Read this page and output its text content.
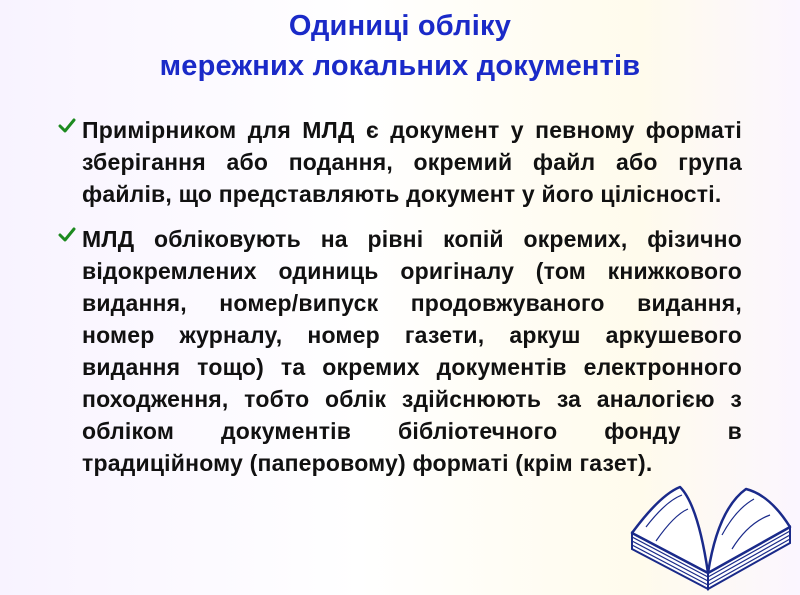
Одиниці обліку
мережних локальних документів
Примірником для МЛД є документ у певному форматі зберігання або подання, окремий файл або група файлів, що представляють документ у його цілісності.
МЛД обліковують на рівні копій окремих, фізично відокремлених одиниць оригіналу (том книжкового видання, номер/випуск продовжуваного видання, номер журналу, номер газети, аркуш аркушевого видання тощо) та окремих документів електронного походження, тобто облік здійснюють за аналогією з обліком документів бібліотечного фонду в традиційному (паперовому) форматі (крім газет).
